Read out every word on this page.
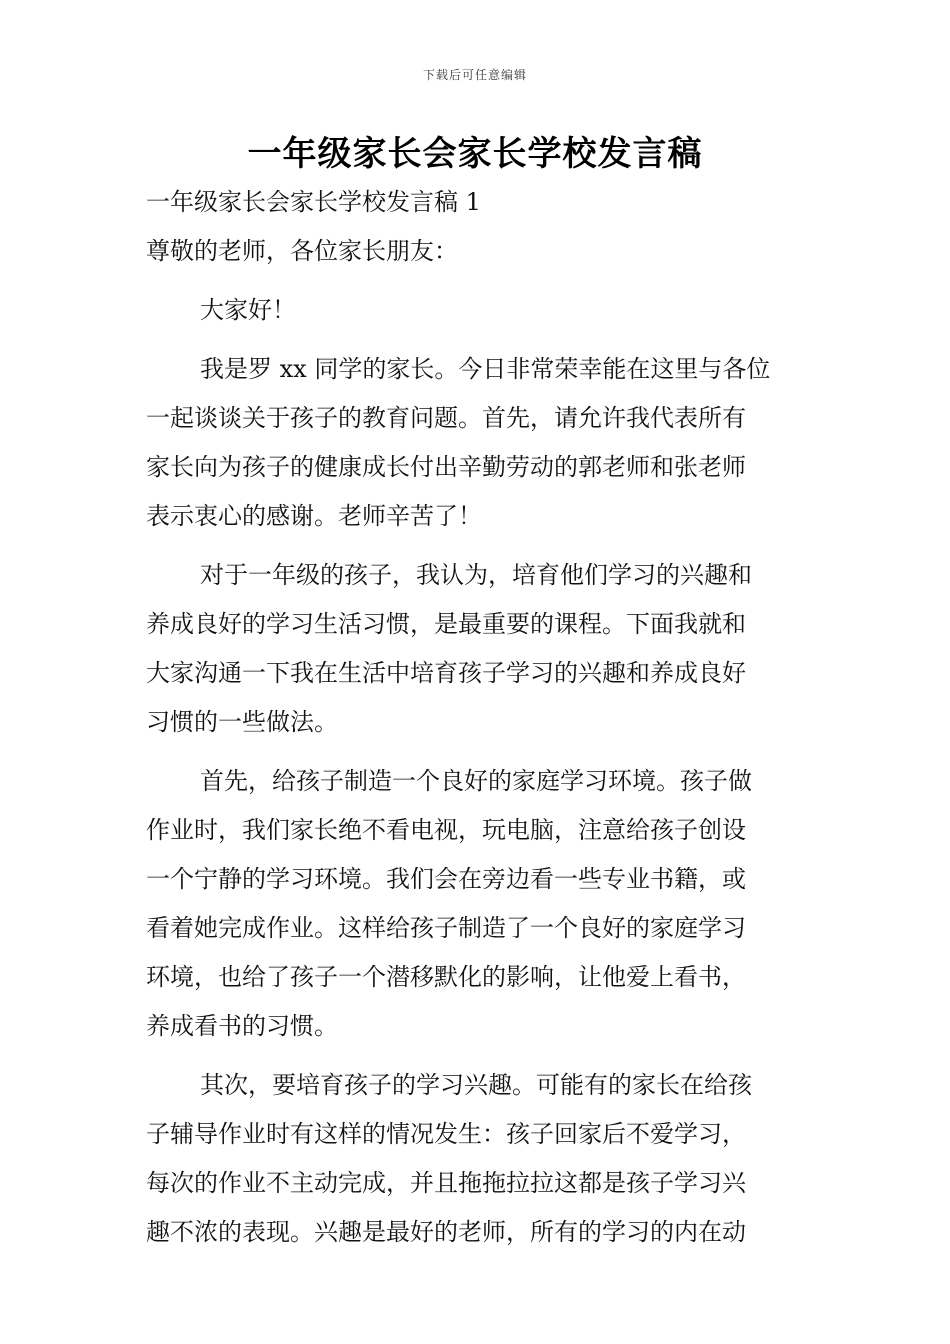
下载后可任意编辑
一年级家长会家长学校发言稿
一年级家长会家长学校发言稿 1
尊敬的老师，各位家长朋友：
大家好！
我是罗 xx 同学的家长。今日非常荣幸能在这里与各位
一起谈谈关于孩子的教育问题。首先，请允许我代表所有
家长向为孩子的健康成长付出辛勤劳动的郭老师和张老师
表示衷心的感谢。老师辛苦了！
对于一年级的孩子，我认为，培育他们学习的兴趣和
养成良好的学习生活习惯，是最重要的课程。下面我就和
大家沟通一下我在生活中培育孩子学习的兴趣和养成良好
习惯的一些做法。
首先，给孩子制造一个良好的家庭学习环境。孩子做
作业时，我们家长绝不看电视，玩电脑，注意给孩子创设
一个宁静的学习环境。我们会在旁边看一些专业书籍，或
看着她完成作业。这样给孩子制造了一个良好的家庭学习
环境，也给了孩子一个潜移默化的影响，让他爱上看书，
养成看书的习惯。
其次，要培育孩子的学习兴趣。可能有的家长在给孩
子辅导作业时有这样的情况发生：孩子回家后不爱学习，
每次的作业不主动完成，并且拖拖拉拉这都是孩子学习兴
趣不浓的表现。兴趣是最好的老师，所有的学习的内在动
